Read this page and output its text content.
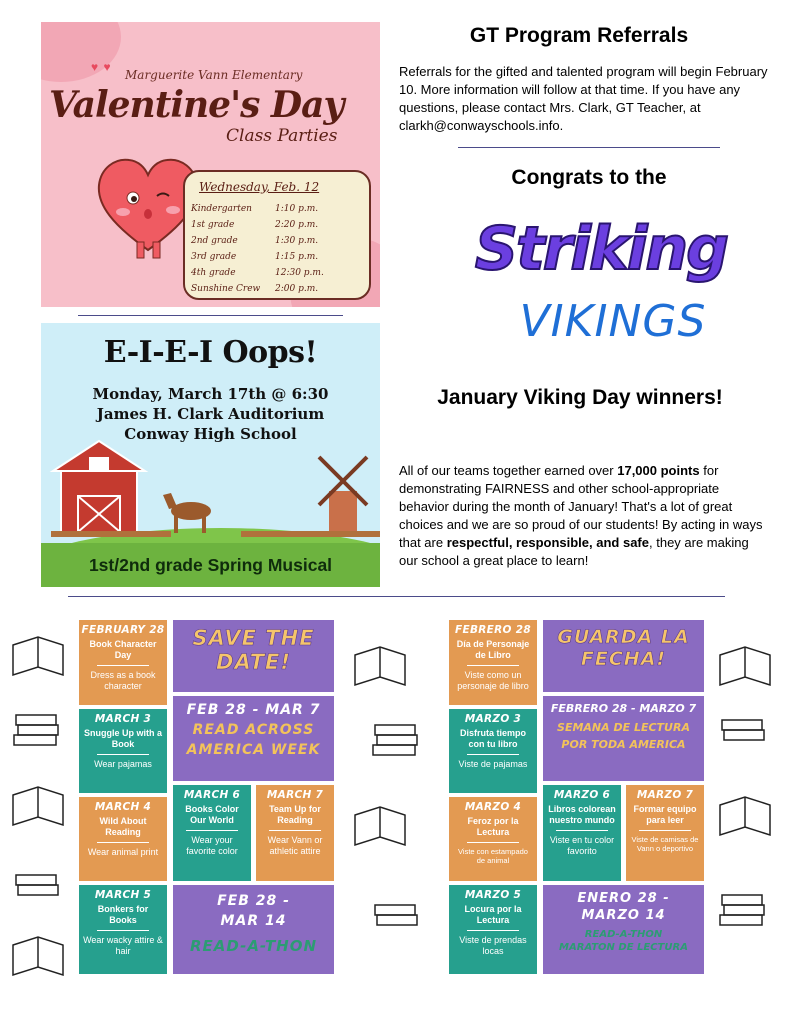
♥ ♥
Marguerite Vann Elementary
Valentine's Day
Class Parties
Wednesday, Feb. 12
Kindergarten	1:10 p.m.
1st grade	2:20 p.m.
2nd grade	1:30 p.m.
3rd grade	1:15 p.m.
4th grade	12:30 p.m.
Sunshine Crew 2:00 p.m.
E-I-E-I Oops!
Monday, March 17th @ 6:30
James H. Clark Auditorium
Conway High School
1st/2nd grade Spring Musical
GT Program Referrals
Referrals for the gifted and talented program will begin February 10. More information will follow at that time. If you have any questions, please contact Mrs. Clark, GT Teacher, at clarkh@conwayschools.info.
Congrats to the
Striking
VIKINGS
January Viking Day winners!
All of our teams together earned over 17,000 points for demonstrating FAIRNESS and other school-appropriate behavior during the month of January! That's a lot of great choices and we are so proud of our students! By acting in ways that are respectful, responsible, and safe, they are making our school a great place to learn!
FEBRUARY 28
Book Character Day
Dress as a book character
MARCH 3
Snuggle Up with a Book
Wear pajamas
MARCH 4
Wild About Reading
Wear animal print
MARCH 6
Books Color Our World
Wear your favorite color
MARCH 7
Team Up for Reading
Wear Vann or athletic attire
MARCH 5
Bonkers for Books
Wear wacky attire & hair
SAVE THE
DATE!
FEB 28 - MAR 7
READ ACROSS
AMERICA WEEK
FEB 28 -
MAR 14
READ-A-THON
FEBRERO 28
Día de Personaje de Libro
Viste como un personaje de libro
MARZO 3
Disfruta tiempo con tu libro
Viste de pajamas
MARZO 4
Feroz por la Lectura
Viste con estampado de animal
MARZO 6
Libros colorean nuestro mundo
Viste en tu color favorito
MARZO 7
Formar equipo para leer
Viste de camisas de Vann o deportivo
MARZO 5
Locura por la Lectura
Viste de prendas locas
GUARDA LA
FECHA!
FEBRERO 28 - MARZO 7
SEMANA DE LECTURA
POR TODA AMERICA
ENERO 28 -
MARZO 14
READ-A-THON
MARATON DE LECTURA
